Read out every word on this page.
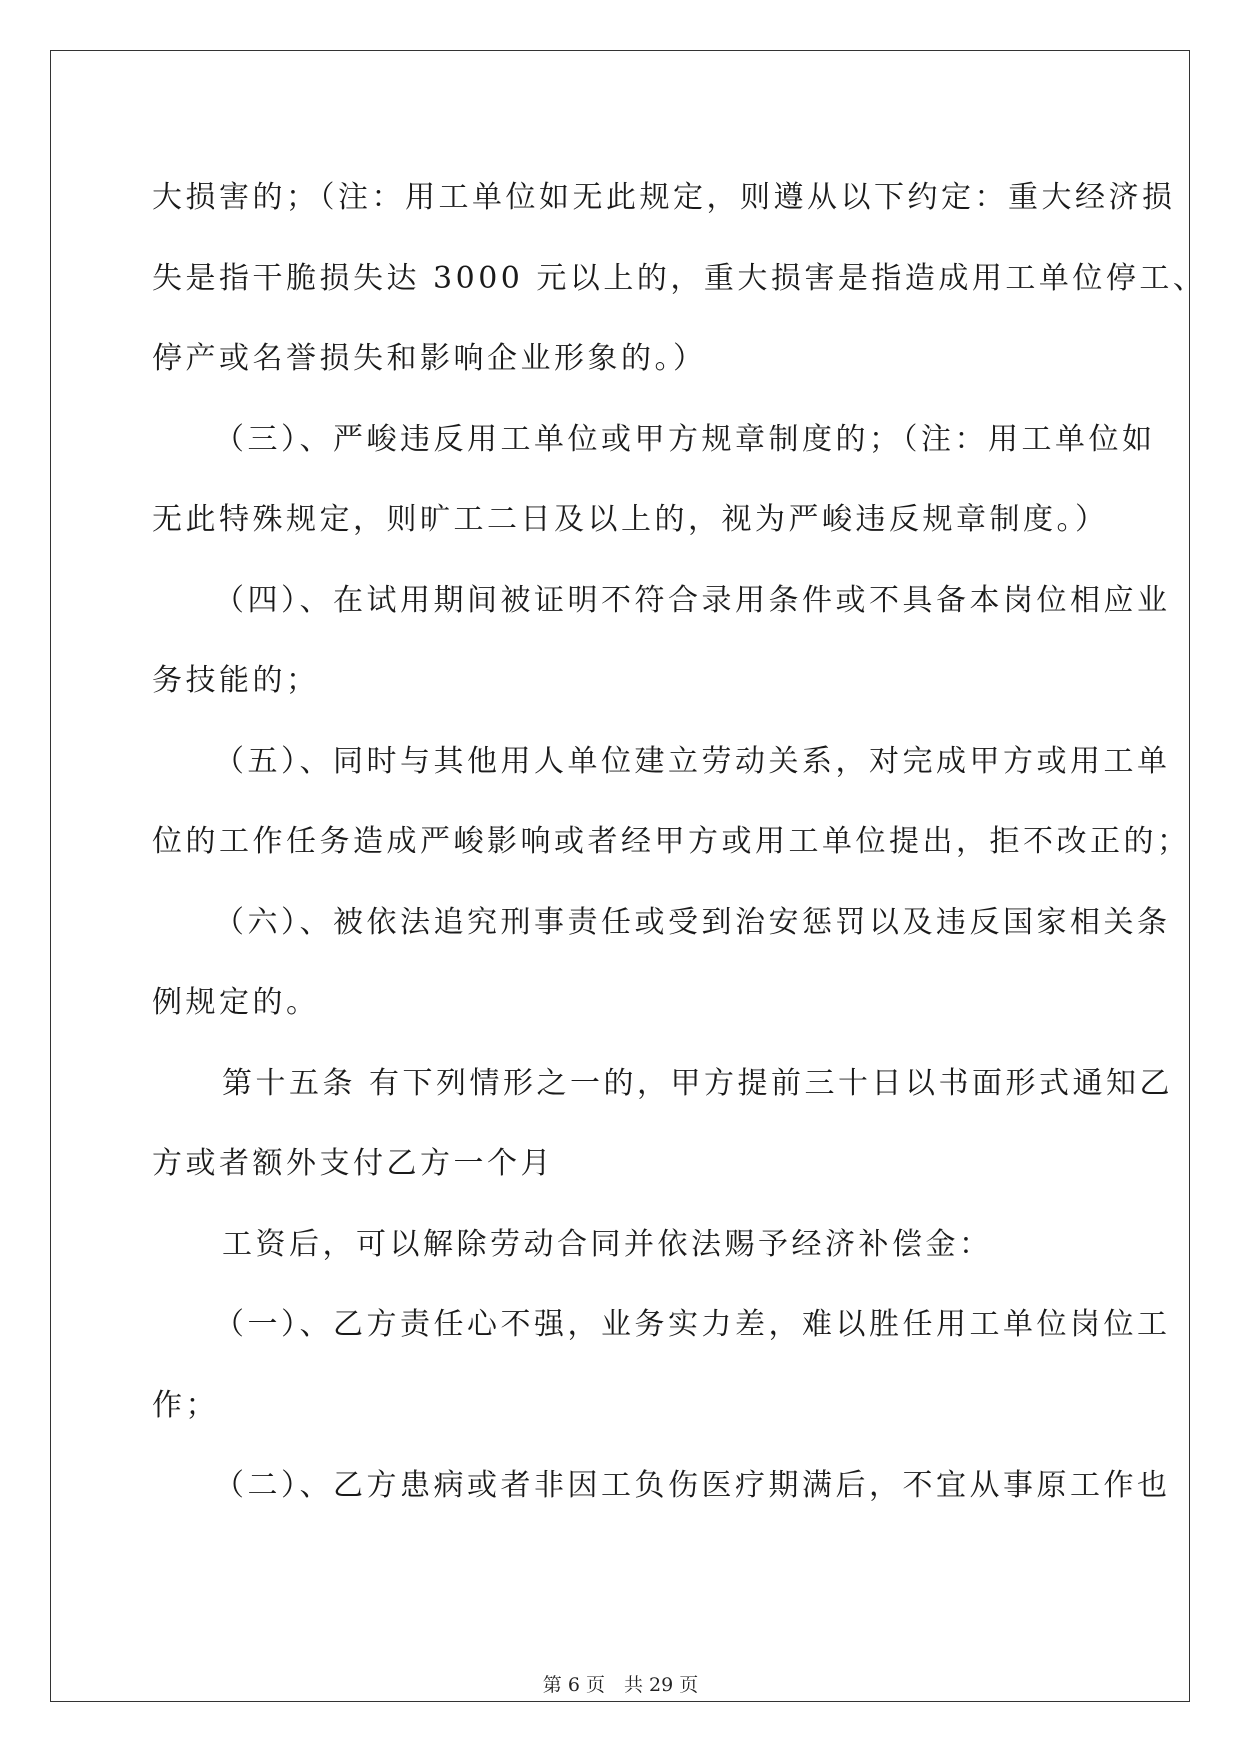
大损害的；（注：用工单位如无此规定，则遵从以下约定：重大经济损
失是指干脆损失达 3000 元以上的，重大损害是指造成用工单位停工、
停产或名誉损失和影响企业形象的。）
（三）、严峻违反用工单位或甲方规章制度的；（注：用工单位如
无此特殊规定，则旷工二日及以上的，视为严峻违反规章制度。）
（四）、在试用期间被证明不符合录用条件或不具备本岗位相应业
务技能的；
（五）、同时与其他用人单位建立劳动关系，对完成甲方或用工单
位的工作任务造成严峻影响或者经甲方或用工单位提出，拒不改正的；
（六）、被依法追究刑事责任或受到治安惩罚以及违反国家相关条
例规定的。
第十五条 有下列情形之一的，甲方提前三十日以书面形式通知乙
方或者额外支付乙方一个月
工资后，可以解除劳动合同并依法赐予经济补偿金：
（一）、乙方责任心不强，业务实力差，难以胜任用工单位岗位工
作；
（二）、乙方患病或者非因工负伤医疗期满后，不宜从事原工作也
第 6 页　共 29 页
